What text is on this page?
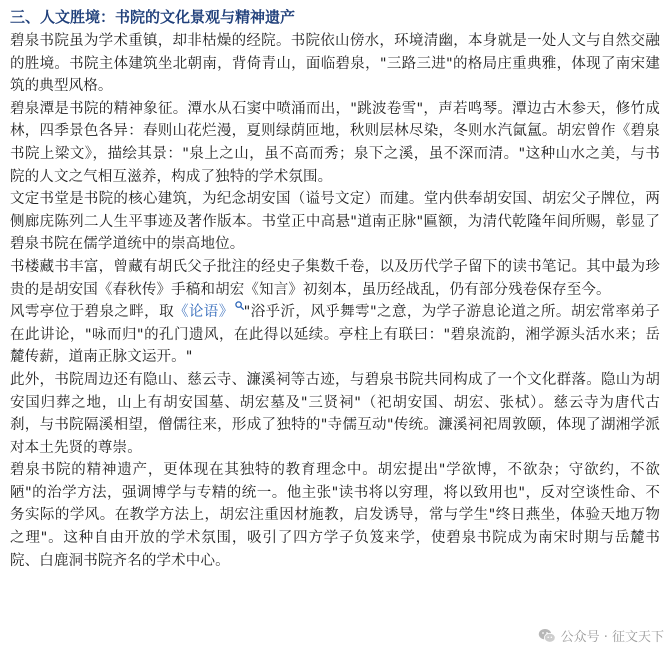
三、人文胜境：书院的文化景观与精神遗产

碧泉书院虽为学术重镇，却非枯燥的经院。书院依山傍水，环境清幽，本身就是一处人文与自然交融的胜境。书院主体建筑坐北朝南，背倚青山，面临碧泉，"三路三进"的格局庄重典雅，体现了南宋建筑的典型风格。

碧泉潭是书院的精神象征。潭水从石窦中喷涌而出，"跳波卷雪"，声若鸣琴。潭边古木参天，修竹成林，四季景色各异：春则山花烂漫，夏则绿荫匝地，秋则层林尽染，冬则水汽氤氲。胡宏曾作《碧泉书院上梁文》，描绘其景："泉上之山，虽不高而秀；泉下之溪，虽不深而清。"这种山水之美，与书院的人文之气相互滋养，构成了独特的学术氛围。

文定书堂是书院的核心建筑，为纪念胡安国（谥号文定）而建。堂内供奉胡安国、胡宏父子牌位，两侧廊庑陈列二人生平事迹及著作版本。书堂正中高悬"道南正脉"匾额，为清代乾隆年间所赐，彰显了碧泉书院在儒学道统中的崇高地位。

书楼藏书丰富，曾藏有胡氏父子批注的经史子集数千卷，以及历代学子留下的读书笔记。其中最为珍贵的是胡安国《春秋传》手稿和胡宏《知言》初刻本，虽历经战乱，仍有部分残卷保存至今。

风雩亭位于碧泉之畔，取《论语》 "浴乎沂，风乎舞雩"之意，为学子游息论道之所。胡宏常率弟子在此讲论，"咏而归"的孔门遗风，在此得以延续。亭柱上有联曰："碧泉流韵，湘学源头活水来；岳麓传薪，道南正脉文运开。"

此外，书院周边还有隐山、慈云寺、濂溪祠等古迹，与碧泉书院共同构成了一个文化群落。隐山为胡安国归葬之地，山上有胡安国墓、胡宏墓及"三贤祠"（祀胡安国、胡宏、张栻）。慈云寺为唐代古刹，与书院隔溪相望，僧儒往来，形成了独特的"寺儒互动"传统。濂溪祠祀周敦颐，体现了湖湘学派对本土先贤的尊崇。

碧泉书院的精神遗产，更体现在其独特的教育理念中。胡宏提出"学欲博，不欲杂；守欲约，不欲陋"的治学方法，强调博学与专精的统一。他主张"读书将以穷理，将以致用也"，反对空谈性命、不务实际的学风。在教学方法上，胡宏注重因材施教，启发诱导，常与学生"终日燕坐，体验天地万物之理"。这种自由开放的学术氛围，吸引了四方学子负笈来学，使碧泉书院成为南宋时期与岳麓书院、白鹿洞书院齐名的学术中心。

公众号 · 征文天下
